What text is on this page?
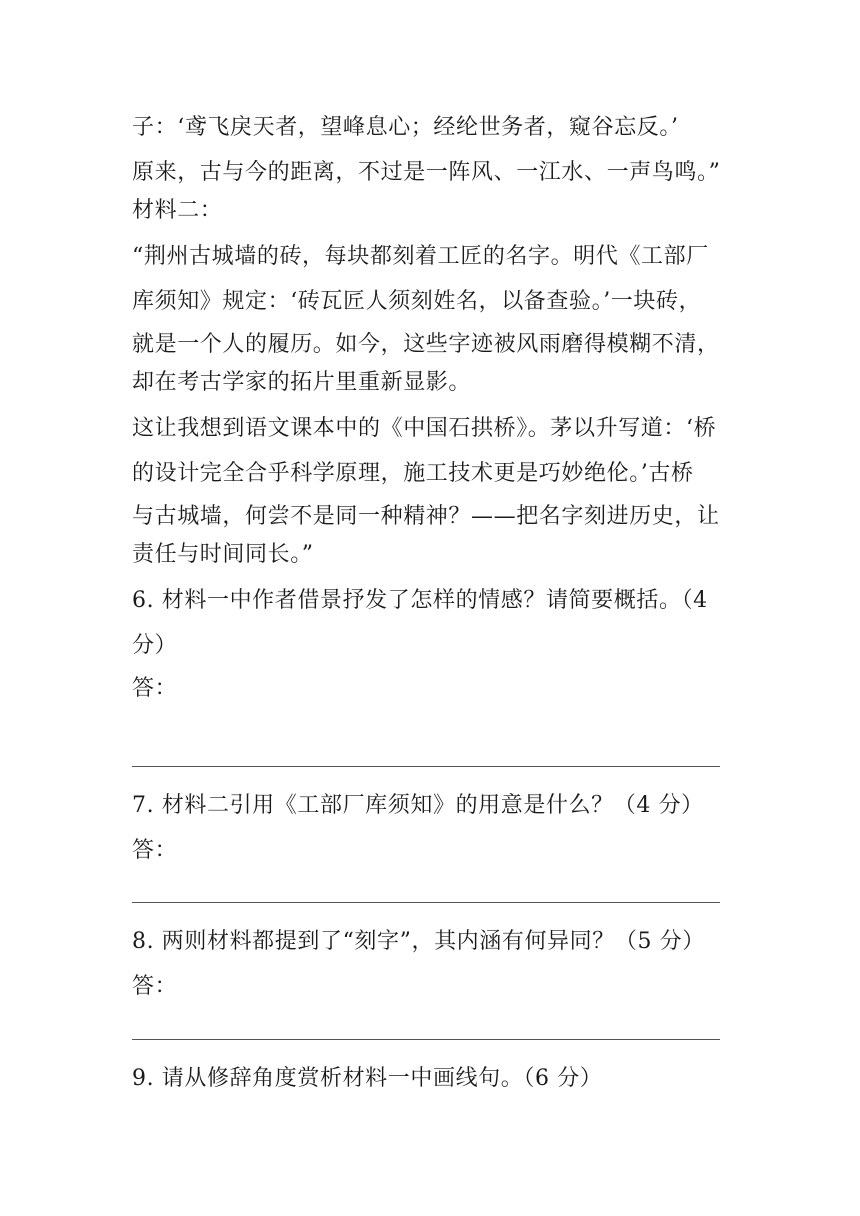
子：‘鸢飞戾天者，望峰息心；经纶世务者，窥谷忘反。’
原来，古与今的距离，不过是一阵风、一江水、一声鸟鸣。”
材料二：
“荆州古城墙的砖，每块都刻着工匠的名字。明代《工部厂
库须知》规定：‘砖瓦匠人须刻姓名，以备查验。’一块砖，
就是一个人的履历。如今，这些字迹被风雨磨得模糊不清，
却在考古学家的拓片里重新显影。
这让我想到语文课本中的《中国石拱桥》。茅以升写道：‘桥
的设计完全合乎科学原理，施工技术更是巧妙绝伦。’古桥
与古城墙，何尝不是同一种精神？——把名字刻进历史，让
责任与时间同长。”
6. 材料一中作者借景抒发了怎样的情感？请简要概括。（4
分）
答：
7. 材料二引用《工部厂库须知》的用意是什么？（4 分）
答：
8. 两则材料都提到了“刻字”，其内涵有何异同？（5 分）
答：
9. 请从修辞角度赏析材料一中画线句。（6 分）
